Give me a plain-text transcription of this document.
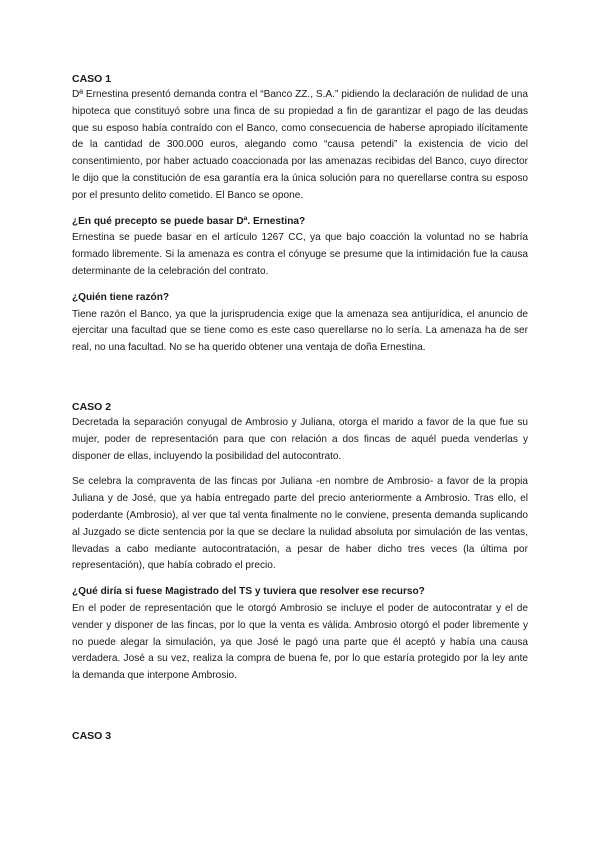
CASO 1

Dª Ernestina presentó demanda contra el “Banco ZZ., S.A.” pidiendo la declaración de nulidad de una hipoteca que constituyó sobre una finca de su propiedad a fin de garantizar el pago de las deudas que su esposo había contraído con el Banco, como consecuencia de haberse apropiado ilícitamente de la cantidad de 300.000 euros, alegando como “causa petendi” la existencia de vicio del consentimiento, por haber actuado coaccionada por las amenazas recibidas del Banco, cuyo director le dijo que la constitución de esa garantía era la única solución para no querellarse contra su esposo por el presunto delito cometido. El Banco se opone.

¿En qué precepto se puede basar Dª. Ernestina?

Ernestina se puede basar en el artículo 1267 CC, ya que bajo coacción la voluntad no se habría formado libremente. Si la amenaza es contra el cónyuge se presume que la intimidación fue la causa determinante de la celebración del contrato.

¿Quién tiene razón?

Tiene razón el Banco, ya que la jurisprudencia exige que la amenaza sea antijurídica, el anuncio de ejercitar una facultad que se tiene como es este caso querellarse no lo sería. La amenaza ha de ser real, no una facultad. No se ha querido obtener una ventaja de doña Ernestina.

CASO 2

Decretada la separación conyugal de Ambrosio y Juliana, otorga el marido a favor de la que fue su mujer, poder de representación para que con relación a dos fincas de aquél pueda venderlas y disponer de ellas, incluyendo la posibilidad del autocontrato.

Se celebra la compraventa de las fincas por Juliana -en nombre de Ambrosio- a favor de la propia Juliana y de José, que ya había entregado parte del precio anteriormente a Ambrosio. Tras ello, el poderdante (Ambrosio), al ver que tal venta finalmente no le conviene, presenta demanda suplicando al Juzgado se dicte sentencia por la que se declare la nulidad absoluta por simulación de las ventas, llevadas a cabo mediante autocontratación, a pesar de haber dicho tres veces (la última por representación), que había cobrado el precio.

¿Qué diría si fuese Magistrado del TS y tuviera que resolver ese recurso?

En el poder de representación que le otorgó Ambrosio se incluye el poder de autocontratar y el de vender y disponer de las fincas, por lo que la venta es válida. Ambrosio otorgó el poder libremente y no puede alegar la simulación, ya que José le pagó una parte que él aceptó y había una causa verdadera. José a su vez, realiza la compra de buena fe, por lo que estaría protegido por la ley ante la demanda que interpone Ambrosio.

CASO 3
